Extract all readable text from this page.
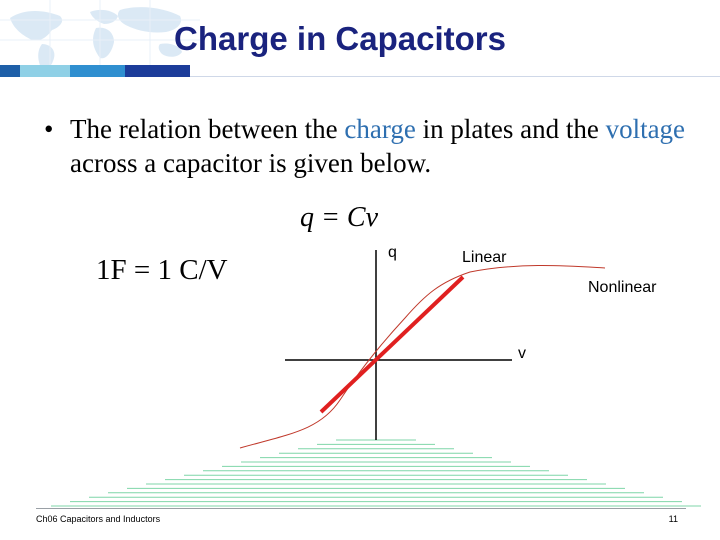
Charge in Capacitors
• The relation between the charge in plates and the voltage across a capacitor is given below.
q = Cv
1F = 1 C/V
q	Linear
Nonlinear
v
Ch06 Capacitors and Inductors	11
